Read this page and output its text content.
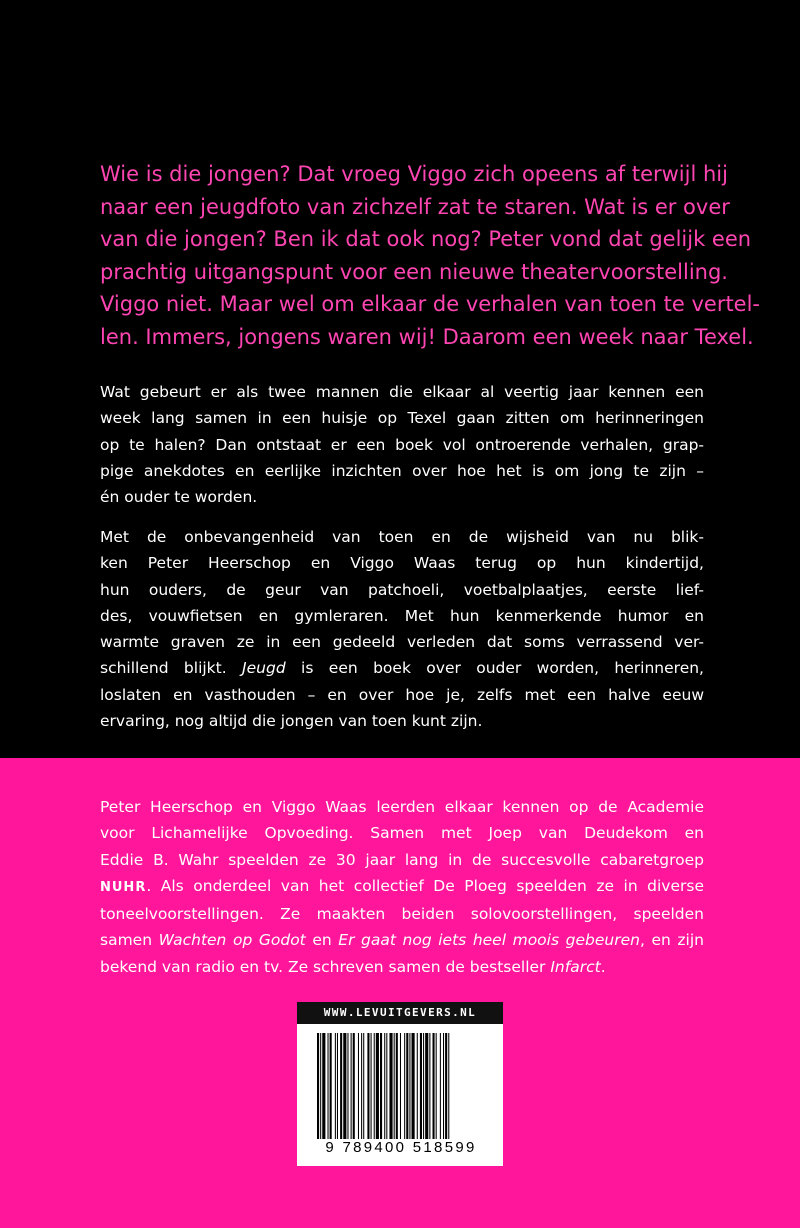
Wie is die jongen? Dat vroeg Viggo zich opeens af terwijl hij
naar een jeugdfoto van zichzelf zat te staren. Wat is er over
van die jongen? Ben ik dat ook nog? Peter vond dat gelijk een
prachtig uitgangspunt voor een nieuwe theatervoorstelling.
Viggo niet. Maar wel om elkaar de verhalen van toen te vertel-
len. Immers, jongens waren wij! Daarom een week naar Texel.

Wat gebeurt er als twee mannen die elkaar al veertig jaar kennen een
week lang samen in een huisje op Texel gaan zitten om herinneringen
op te halen? Dan ontstaat er een boek vol ontroerende verhalen, grap-
pige anekdotes en eerlijke inzichten over hoe het is om jong te zijn –
én ouder te worden.

Met de onbevangenheid van toen en de wijsheid van nu blik-
ken Peter Heerschop en Viggo Waas terug op hun kindertijd,
hun ouders, de geur van patchoeli, voetbalplaatjes, eerste lief-
des, vouwfietsen en gymleraren. Met hun kenmerkende humor en
warmte graven ze in een gedeeld verleden dat soms verrassend ver-
schillend blijkt. Jeugd is een boek over ouder worden, herinneren,
loslaten en vasthouden – en over hoe je, zelfs met een halve eeuw
ervaring, nog altijd die jongen van toen kunt zijn.

Peter Heerschop en Viggo Waas leerden elkaar kennen op de Academie
voor Lichamelijke Opvoeding. Samen met Joep van Deudekom en
Eddie B. Wahr speelden ze 30 jaar lang in de succesvolle cabaretgroep
NUHR. Als onderdeel van het collectief De Ploeg speelden ze in diverse
toneelvoorstellingen. Ze maakten beiden solovoorstellingen, speelden
samen Wachten op Godot en Er gaat nog iets heel moois gebeuren, en zijn
bekend van radio en tv. Ze schreven samen de bestseller Infarct.

WWW.LEVUITGEVERS.NL
9 789400 518599
